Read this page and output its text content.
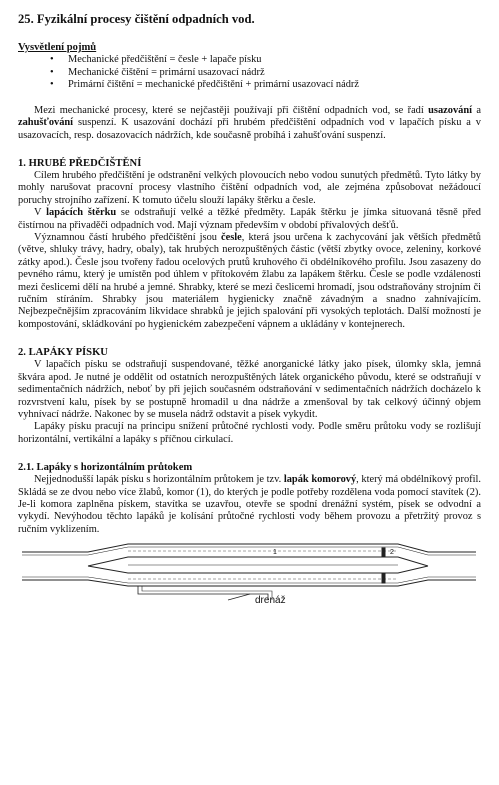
25. Fyzikální procesy čištění odpadních vod.
Vysvětlení pojmů
• Mechanické předčištění = česle + lapače písku
• Mechanické čištění = primární usazovací nádrž
• Primární čištění = mechanické předčištění + primární usazovací nádrž

Mezi mechanické procesy, které se nejčastěji používají při čištění odpadních vod, se řadí usazování a zahušťování suspenzí. K usazování dochází při hrubém předčištění odpadních vod v lapačích písku a v usazovacích, resp. dosazovacích nádržích, kde současně probíhá i zahušťování suspenzí.

1. HRUBÉ PŘEDČIŠTĚNÍ

Cílem hrubého předčištění je odstranění velkých plovoucích nebo vodou sunutých předmětů. Tyto látky by mohly narušovat pracovní procesy vlastního čištění odpadních vod, ale zejména způsobovat nežádoucí poruchy strojního zařízení. K tomuto účelu slouží lapáky štěrku a česle.

V lapácích štěrku se odstraňují velké a těžké předměty. Lapák štěrku je jímka situovaná těsně před čistírnou na přivaděči odpadních vod. Mají význam především v období přívalových dešťů.

Významnou částí hrubého předčištění jsou česle, která jsou určena k zachycování jak větších předmětů (větve, shluky trávy, hadry, obaly), tak hrubých nerozpuštěných částic (větší zbytky ovoce, zeleniny, korkové zátky apod.). Česle jsou tvořeny řadou ocelových prutů kruhového či obdélníkového profilu. Jsou zasazeny do pevného rámu, který je umístěn pod úhlem v přítokovém žlabu za lapákem štěrku. Česle se podle vzdálenosti mezi česlicemi dělí na hrubé a jemné. Shrabky, které se mezi česlicemi hromadí, jsou odstraňovány strojním či ručním stíráním. Shrabky jsou materiálem hygienicky značně závadným a snadno zahnívajícím. Nejbezpečnějším zpracováním likvidace shrabků je jejich spalování při vysokých teplotách. Další možností je kompostování, skládkování po hygienickém zabezpečení vápnem a ukládány v kontejnerech.

2. LAPÁKY PÍSKU

V lapačích písku se odstraňují suspendované, těžké anorganické látky jako písek, úlomky skla, jemná škvára apod. Je nutné je oddělit od ostatních nerozpuštěných látek organického původu, které se odstraňují v sedimentačních nádržích, neboť by při jejich současném odstraňování v sedimentačních nádržích docházelo k rozvrstvení kalu, písek by se postupně hromadil u dna nádrže a zmenšoval by tak celkový účinný objem vyhnívací nádrže. Nakonec by se musela nádrž odstavit a písek vykydit.

Lapáky písku pracují na principu snížení průtočné rychlosti vody. Podle směru průtoku vody se rozlišují horizontální, vertikální a lapáky s příčnou cirkulací.

2.1. Lapáky s horizontálním průtokem

Nejjednodušší lapák písku s horizontálním průtokem je tzv. lapák komorový, který má obdélníkový profil. Skládá se ze dvou nebo více žlabů, komor (1), do kterých je podle potřeby rozdělena voda pomocí stavítek (2). Je-li komora zaplněna pískem, stavítka se uzavřou, otevře se spodní drenážní systém, písek se odvodní a vykydí. Nevýhodou těchto lapáků je kolísání průtočné rychlosti vody během provozu a přetržitý provoz s ručním vyklizením.

1	2
drenáž
